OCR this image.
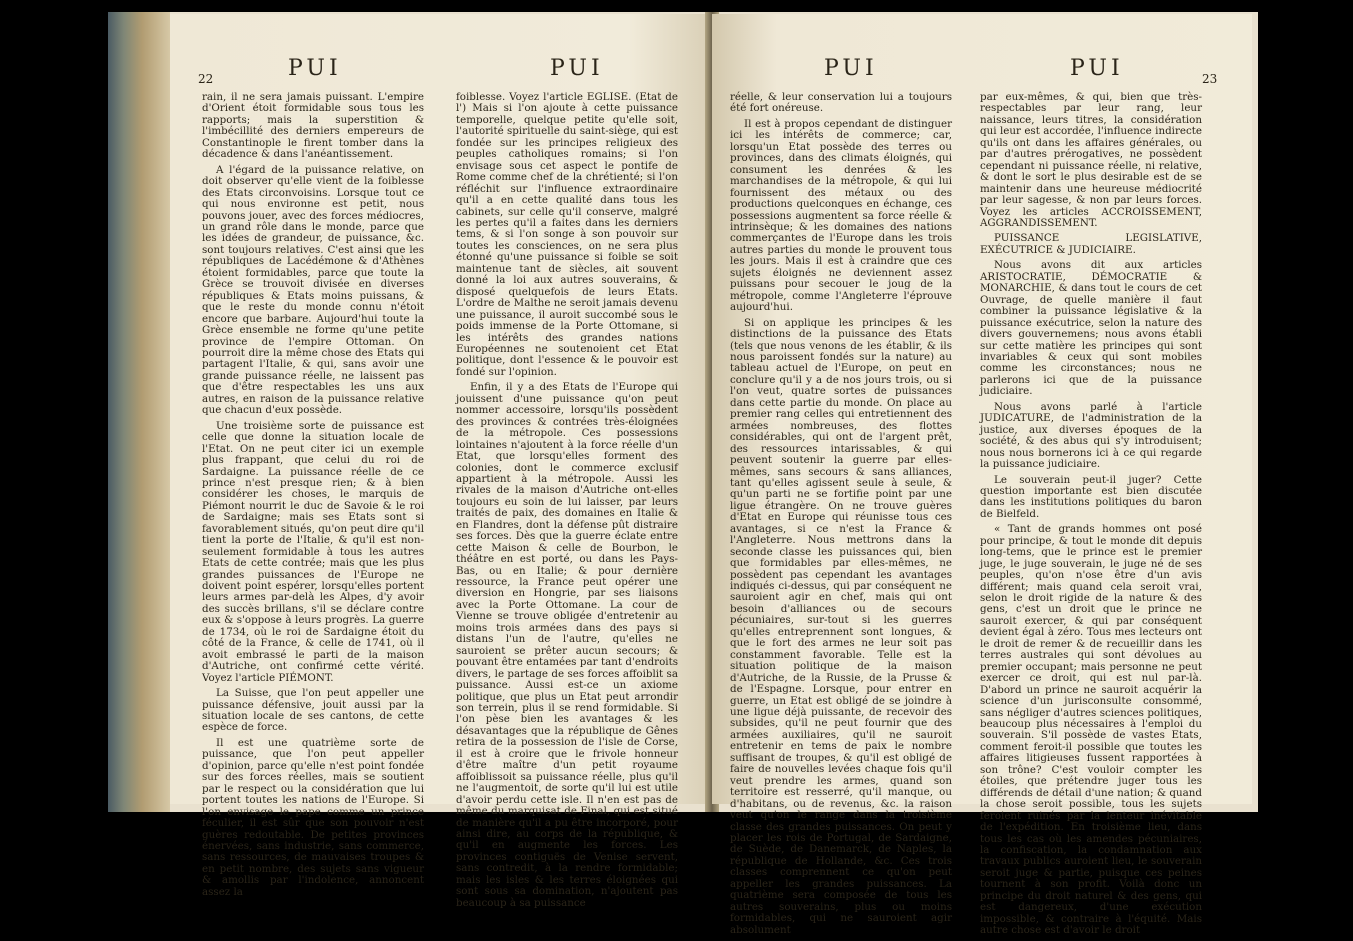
22	PUI	PUI

rain, il ne sera jamais puissant. L'empire d'Orient étoit formidable sous tous les rapports; mais la superstition & l'imbécillité des derniers empereurs de Constantinople le firent tomber dans la décadence & dans l'anéantissement.

A l'égard de la puissance relative, on doit observer qu'elle vient de la foiblesse des Etats circonvoisins. Lorsque tout ce qui nous environne est petit, nous pouvons jouer, avec des forces médiocres, un grand rôle dans le monde, parce que les idées de grandeur, de puissance, &c. sont toujours relatives. C'est ainsi que les républiques de Lacédémone & d'Athènes étoient formidables, parce que toute la Grèce se trouvoit divisée en diverses républiques & Etats moins puissans, & que le reste du monde connu n'étoit encore que barbare. Aujourd'hui toute la Grèce ensemble ne forme qu'une petite province de l'empire Ottoman. On pourroit dire la même chose des Etats qui partagent l'Italie, & qui, sans avoir une grande puissance réelle, ne laissent pas que d'être respectables les uns aux autres, en raison de la puissance relative que chacun d'eux possède.

Une troisième sorte de puissance est celle que donne la situation locale de l'Etat. On ne peut citer ici un exemple plus frappant, que celui du roi de Sardaigne. La puissance réelle de ce prince n'est presque rien; & à bien considérer les choses, le marquis de Piémont nourrit le duc de Savoie & le roi de Sardaigne; mais ses Etats sont si favorablement situés, qu'on peut dire qu'il tient la porte de l'Italie, & qu'il est non-seulement formidable à tous les autres Etats de cette contrée; mais que les plus grandes puissances de l'Europe ne doivent point espérer, lorsqu'elles portent leurs armes par-delà les Alpes, d'y avoir des succès brillans, s'il se déclare contre eux & s'oppose à leurs progrès. La guerre de 1734, où le roi de Sardaigne étoit du côté de la France, & celle de 1741, où il avoit embrassé le parti de la maison d'Autriche, ont confirmé cette vérité. Voyez l'article PIÉMONT.

La Suisse, que l'on peut appeller une puissance défensive, jouit aussi par la situation locale de ses cantons, de cette espèce de force.

Il est une quatrième sorte de puissance, que l'on peut appeller d'opinion, parce qu'elle n'est point fondée sur des forces réelles, mais se soutient par le respect ou la considération que lui portent toutes les nations de l'Europe. Si l'on envisage le pape comme un prince féculier, il est sûr que son pouvoir n'est guères redoutable. De petites provinces énervées, sans industrie, sans commerce, sans ressources, de mauvaises troupes & en petit nombre, des sujets sans vigueur & amollis par l'indolence, annoncent assez la

foiblesse. Voyez l'article EGLISE. (Etat de l') Mais si l'on ajoute à cette puissance temporelle, quelque petite qu'elle soit, l'autorité spirituelle du saint-siège, qui est fondée sur les principes religieux des peuples catholiques romains; si l'on envisage sous cet aspect le pontife de Rome comme chef de la chrétienté; si l'on réfléchit sur l'influence extraordinaire qu'il a en cette qualité dans tous les cabinets, sur celle qu'il conserve, malgré les pertes qu'il a faites dans les derniers tems, & si l'on songe à son pouvoir sur toutes les consciences, on ne sera plus étonné qu'une puissance si foible se soit maintenue tant de siècles, ait souvent donné la loi aux autres souverains, & disposé quelquefois de leurs Etats. L'ordre de Malthe ne seroit jamais devenu une puissance, il auroit succombé sous le poids immense de la Porte Ottomane, si les intérêts des grandes nations Européennes ne soutenoient cet Etat politique, dont l'essence & le pouvoir est fondé sur l'opinion.

Enfin, il y a des Etats de l'Europe qui jouissent d'une puissance qu'on peut nommer accessoire, lorsqu'ils possèdent des provinces & contrées très-éloignées de la métropole. Ces possessions lointaines n'ajoutent à la force réelle d'un Etat, que lorsqu'elles forment des colonies, dont le commerce exclusif appartient à la métropole. Aussi les rivales de la maison d'Autriche ont-elles toujours eu soin de lui laisser, par leurs traités de paix, des domaines en Italie & en Flandres, dont la défense pût distraire ses forces. Dès que la guerre éclate entre cette Maison & celle de Bourbon, le théâtre en est porté, ou dans les Pays-Bas, ou en Italie; & pour dernière ressource, la France peut opérer une diversion en Hongrie, par ses liaisons avec la Porte Ottomane. La cour de Vienne se trouve obligée d'entretenir au moins trois armées dans des pays si distans l'un de l'autre, qu'elles ne sauroient se prêter aucun secours; & pouvant être entamées par tant d'endroits divers, le partage de ses forces affoiblit sa puissance. Aussi est-ce un axiome politique, que plus un Etat peut arrondir son terrein, plus il se rend formidable. Si l'on pèse bien les avantages & les désavantages que la république de Gênes retira de la possession de l'isle de Corse, il est à croire que le frivole honneur d'être maître d'un petit royaume affoiblissoit sa puissance réelle, plus qu'il ne l'augmentoit, de sorte qu'il lui est utile d'avoir perdu cette isle. Il n'en est pas de même du marquisat de Final, qui est situé de manière qu'il a pu être incorporé, pour ainsi dire, au corps de la république, & qu'il en augmente les forces. Les provinces contiguës de Venise servent, sans contredit, à la rendre formidable; mais les isles & les terres éloignées qui sont sous sa domination, n'ajoutent pas beaucoup à sa puissance

PUI	PUI	23

réelle, & leur conservation lui a toujours été fort onéreuse.

Il est à propos cependant de distinguer ici les intérêts de commerce; car, lorsqu'un Etat possède des terres ou provinces, dans des climats éloignés, qui consument les denrées & les marchandises de la métropole, & qui lui fournissent des métaux ou des productions quelconques en échange, ces possessions augmentent sa force réelle & intrinsèque; & les domaines des nations commerçantes de l'Europe dans les trois autres parties du monde le prouvent tous les jours. Mais il est à craindre que ces sujets éloignés ne deviennent assez puissans pour secouer le joug de la métropole, comme l'Angleterre l'éprouve aujourd'hui.

Si on applique les principes & les distinctions de la puissance des Etats (tels que nous venons de les établir, & ils nous paroissent fondés sur la nature) au tableau actuel de l'Europe, on peut en conclure qu'il y a de nos jours trois, ou si l'on veut, quatre sortes de puissances dans cette partie du monde. On place au premier rang celles qui entretiennent des armées nombreuses, des flottes considérables, qui ont de l'argent prêt, des ressources intarissables, & qui peuvent soutenir la guerre par elles-mêmes, sans secours & sans alliances, tant qu'elles agissent seule à seule, & qu'un parti ne se fortifie point par une ligue étrangère. On ne trouve guères d'Etat en Europe qui réunisse tous ces avantages, si ce n'est la France & l'Angleterre. Nous mettrons dans la seconde classe les puissances qui, bien que formidables par elles-mêmes, ne possèdent pas cependant les avantages indiqués ci-dessus, qui par conséquent ne sauroient agir en chef, mais qui ont besoin d'alliances ou de secours pécuniaires, sur-tout si les guerres qu'elles entreprennent sont longues, & que le fort des armes ne leur soit pas constamment favorable. Telle est la situation politique de la maison d'Autriche, de la Russie, de la Prusse & de l'Espagne. Lorsque, pour entrer en guerre, un Etat est obligé de se joindre à une ligue déjà puissante, de recevoir des subsides, qu'il ne peut fournir que des armées auxiliaires, qu'il ne sauroit entretenir en tems de paix le nombre suffisant de troupes, & qu'il est obligé de faire de nouvelles levées chaque fois qu'il veut prendre les armes, quand son territoire est resserré, qu'il manque, ou d'habitans, ou de revenus, &c. la raison veut qu'on le range dans la troisième classe des grandes puissances. On peut y placer les rois de Portugal, de Sardaigne, de Suède, de Danemarck, de Naples, la république de Hollande, &c. Ces trois classes comprennent ce qu'on peut appeller les grandes puissances. La quatrième sera composée de tous les autres souverains, plus ou moins formidables, qui ne sauroient agir absolument

par eux-mêmes, & qui, bien que très-respectables par leur rang, leur naissance, leurs titres, la considération qui leur est accordée, l'influence indirecte qu'ils ont dans les affaires générales, ou par d'autres prérogatives, ne possèdent cependant ni puissance réelle, ni relative, & dont le sort le plus desirable est de se maintenir dans une heureuse médiocrité par leur sagesse, & non par leurs forces. Voyez les articles ACCROISSEMENT, AGGRANDISSEMENT.

PUISSANCE LEGISLATIVE, EXÉCUTRICE & JUDICIAIRE.

Nous avons dit aux articles ARISTOCRATIE, DÉMOCRATIE & MONARCHIE, & dans tout le cours de cet Ouvrage, de quelle manière il faut combiner la puissance législative & la puissance exécutrice, selon la nature des divers gouvernemens; nous avons établi sur cette matière les principes qui sont invariables & ceux qui sont mobiles comme les circonstances; nous ne parlerons ici que de la puissance judiciaire.

Nous avons parlé à l'article JUDICATURE, de l'administration de la justice, aux diverses époques de la société, & des abus qui s'y introduisent; nous nous bornerons ici à ce qui regarde la puissance judiciaire.

Le souverain peut-il juger? Cette question importante est bien discutée dans les institutions politiques du baron de Bielfeld.

« Tant de grands hommes ont posé pour principe, & tout le monde dit depuis long-tems, que le prince est le premier juge, le juge souverain, le juge né de ses peuples, qu'on n'ose être d'un avis différent; mais quand cela seroit vrai, selon le droit rigide de la nature & des gens, c'est un droit que le prince ne sauroit exercer, & qui par conséquent devient égal à zéro. Tous mes lecteurs ont le droit de remer & de recueillir dans les terres australes qui sont dévolues au premier occupant; mais personne ne peut exercer ce droit, qui est nul par-là. D'abord un prince ne sauroit acquérir la science d'un jurisconsulte consommé, sans négliger d'autres sciences politiques, beaucoup plus nécessaires à l'emploi du souverain. S'il possède de vastes Etats, comment feroit-il possible que toutes les affaires litigieuses fussent rapportées à son trône? C'est vouloir compter les étoiles, que prétendre juger tous les différends de détail d'une nation; & quand la chose seroit possible, tous les sujets feroient ruinés par la lenteur inévitable de l'expédition. En troisième lieu, dans tous les cas où les amendes pécuniaires, la confiscation, la condamnation aux travaux publics auroient lieu, le souverain seroit juge & partie, puisque ces peines tournent à son profit. Voilà donc un principe du droit naturel & des gens, qui est dangereux, d'une exécution impossible, & contraire à l'équité. Mais autre chose est d'avoir le droit
